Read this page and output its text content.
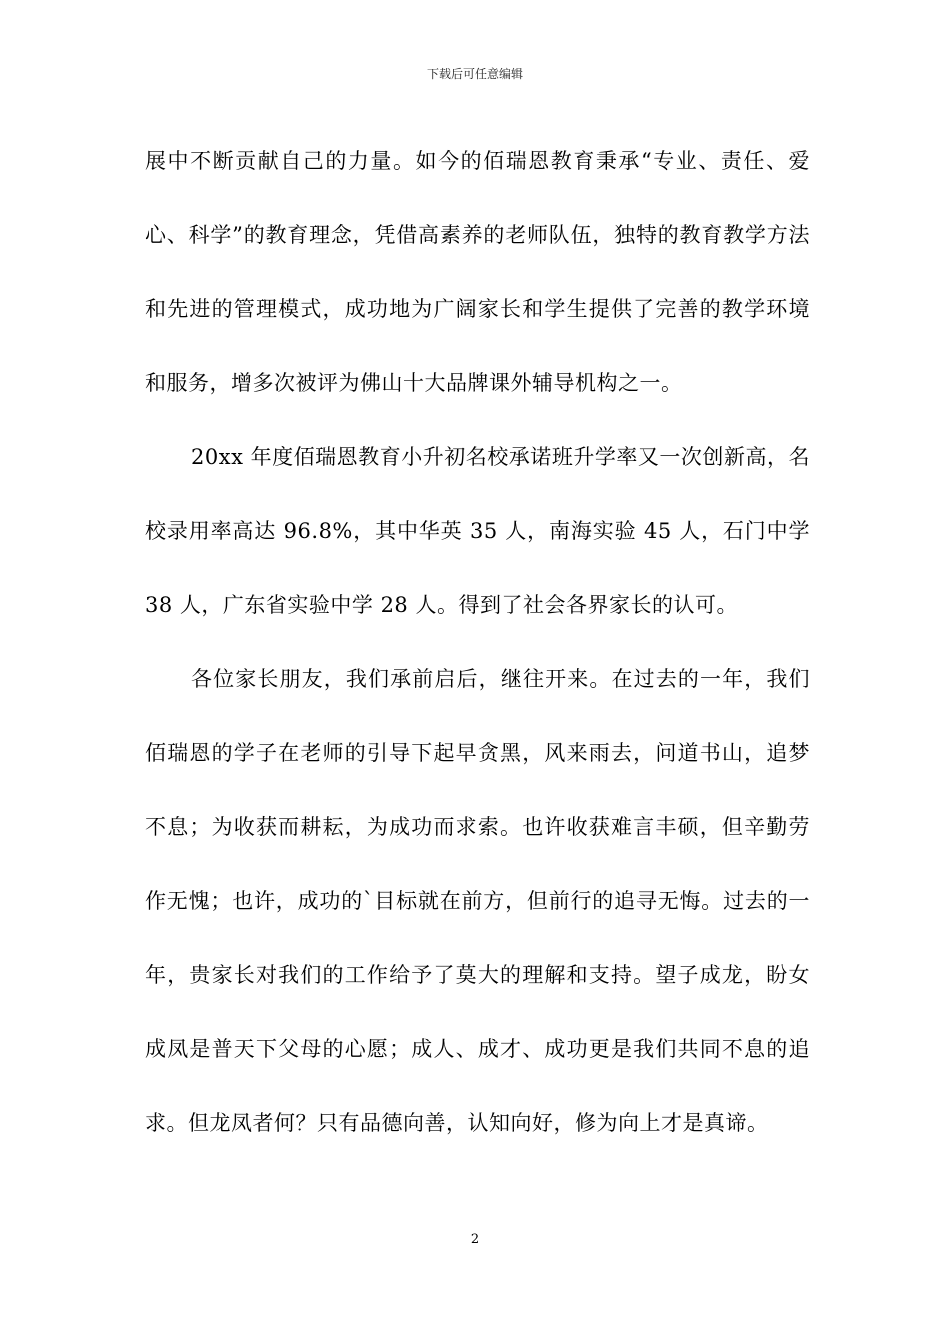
下载后可任意编辑

展中不断贡献自己的力量。如今的佰瑞恩教育秉承“专业、责任、爱心、科学”的教育理念，凭借高素养的老师队伍，独特的教育教学方法和先进的管理模式，成功地为广阔家长和学生提供了完善的教学环境和服务，增多次被评为佛山十大品牌课外辅导机构之一。

20xx 年度佰瑞恩教育小升初名校承诺班升学率又一次创新高，名校录用率高达 96.8%，其中华英 35 人，南海实验 45 人，石门中学 38 人，广东省实验中学 28 人。得到了社会各界家长的认可。

各位家长朋友，我们承前启后，继往开来。在过去的一年，我们佰瑞恩的学子在老师的引导下起早贪黑，风来雨去，问道书山，追梦不息；为收获而耕耘，为成功而求索。也许收获难言丰硕，但辛勤劳作无愧；也许，成功的`目标就在前方，但前行的追寻无悔。过去的一年，贵家长对我们的工作给予了莫大的理解和支持。望子成龙，盼女成凤是普天下父母的心愿；成人、成才、成功更是我们共同不息的追求。但龙凤者何？只有品德向善，认知向好，修为向上才是真谛。

2
